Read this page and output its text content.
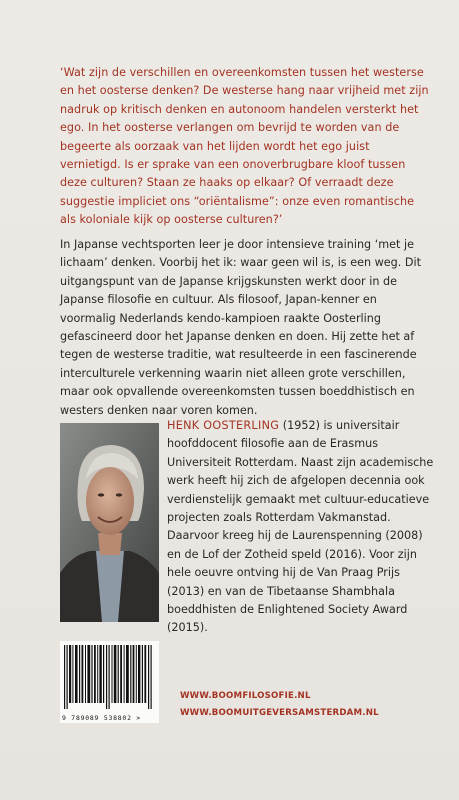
‘Wat zijn de verschillen en overeenkomsten tussen het westerse en het oosterse denken? De westerse hang naar vrijheid met zijn nadruk op kritisch denken en autonoom handelen versterkt het ego. In het oosterse verlangen om bevrijd te worden van de begeerte als oorzaak van het lijden wordt het ego juist vernietigd. Is er sprake van een onoverbrugbare kloof tussen deze culturen? Staan ze haaks op elkaar? Of verraadt deze suggestie impliciet ons “oriëntalisme”: onze even romantische als koloniale kijk op oosterse culturen?’

In Japanse vechtsporten leer je door intensieve training ‘met je lichaam’ denken. Voorbij het ik: waar geen wil is, is een weg. Dit uitgangspunt van de Japanse krijgskunsten werkt door in de Japanse filosofie en cultuur. Als filosoof, Japan-kenner en voormalig Nederlands kendo-kampioen raakte Oosterling gefascineerd door het Japanse denken en doen. Hij zette het af tegen de westerse traditie, wat resulteerde in een fascinerende interculturele verkenning waarin niet alleen grote verschillen, maar ook opvallende overeenkomsten tussen boeddhistisch en westers denken naar voren komen.

HENK OOSTERLING (1952) is universitair hoofddocent filosofie aan de Erasmus Universiteit Rotterdam. Naast zijn academische werk heeft hij zich de afgelopen decennia ook verdienstelijk gemaakt met cultuur-educatieve projecten zoals Rotterdam Vakmanstad. Daarvoor kreeg hij de Laurenspenning (2008) en de Lof der Zotheid speld (2016). Voor zijn hele oeuvre ontving hij de Van Praag Prijs (2013) en van de Tibetaanse Shambhala boeddhisten de Enlightened Society Award (2015).

9 789089 538802 >
WWW.BOOMFILOSOFIE.NL
WWW.BOOMUITGEVERSAMSTERDAM.NL
